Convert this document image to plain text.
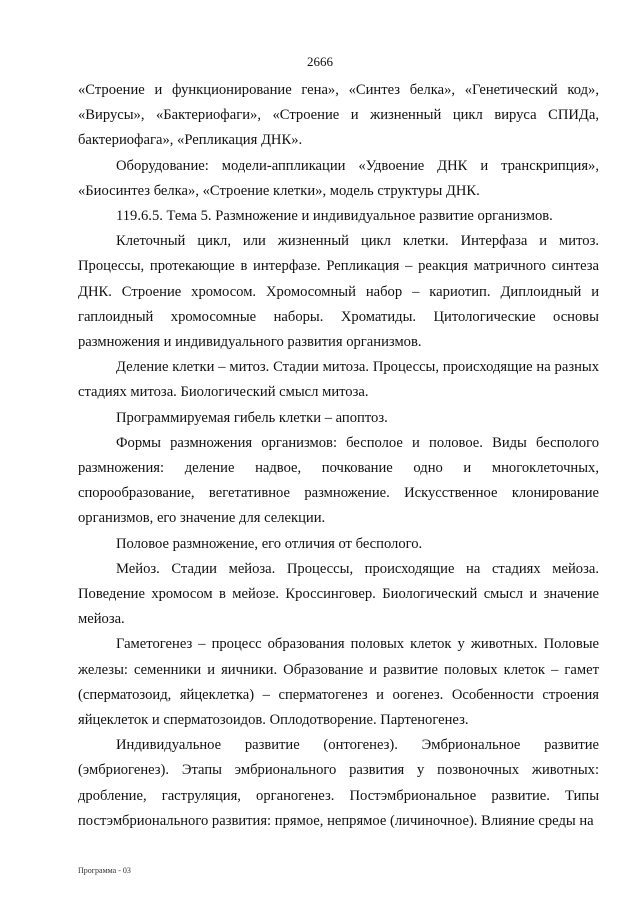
2666

«Строение и функционирование гена», «Синтез белка», «Генетический код», «Вирусы», «Бактериофаги», «Строение и жизненный цикл вируса СПИДа, бактериофага», «Репликация ДНК».

Оборудование: модели-аппликации «Удвоение ДНК и транскрипция», «Биосинтез белка», «Строение клетки», модель структуры ДНК.

119.6.5. Тема 5. Размножение и индивидуальное развитие организмов.

Клеточный цикл, или жизненный цикл клетки. Интерфаза и митоз. Процессы, протекающие в интерфазе. Репликация – реакция матричного синтеза ДНК. Строение хромосом. Хромосомный набор – кариотип. Диплоидный и гаплоидный хромосомные наборы. Хроматиды. Цитологические основы размножения и индивидуального развития организмов.

Деление клетки – митоз. Стадии митоза. Процессы, происходящие на разных стадиях митоза. Биологический смысл митоза.

Программируемая гибель клетки – апоптоз.

Формы размножения организмов: бесполое и половое. Виды бесполого размножения: деление надвое, почкование одно и многоклеточных, спорообразование, вегетативное размножение. Искусственное клонирование организмов, его значение для селекции.

Половое размножение, его отличия от бесполого.

Мейоз. Стадии мейоза. Процессы, происходящие на стадиях мейоза. Поведение хромосом в мейозе. Кроссинговер. Биологический смысл и значение мейоза.

Гаметогенез – процесс образования половых клеток у животных. Половые железы: семенники и яичники. Образование и развитие половых клеток – гамет (сперматозоид, яйцеклетка) – сперматогенез и оогенез. Особенности строения яйцеклеток и сперматозоидов. Оплодотворение. Партеногенез.

Индивидуальное развитие (онтогенез). Эмбриональное развитие (эмбриогенез). Этапы эмбрионального развития у позвоночных животных: дробление, гаструляция, органогенез. Постэмбриональное развитие. Типы постэмбрионального развития: прямое, непрямое (личиночное). Влияние среды на

Программа - 03
